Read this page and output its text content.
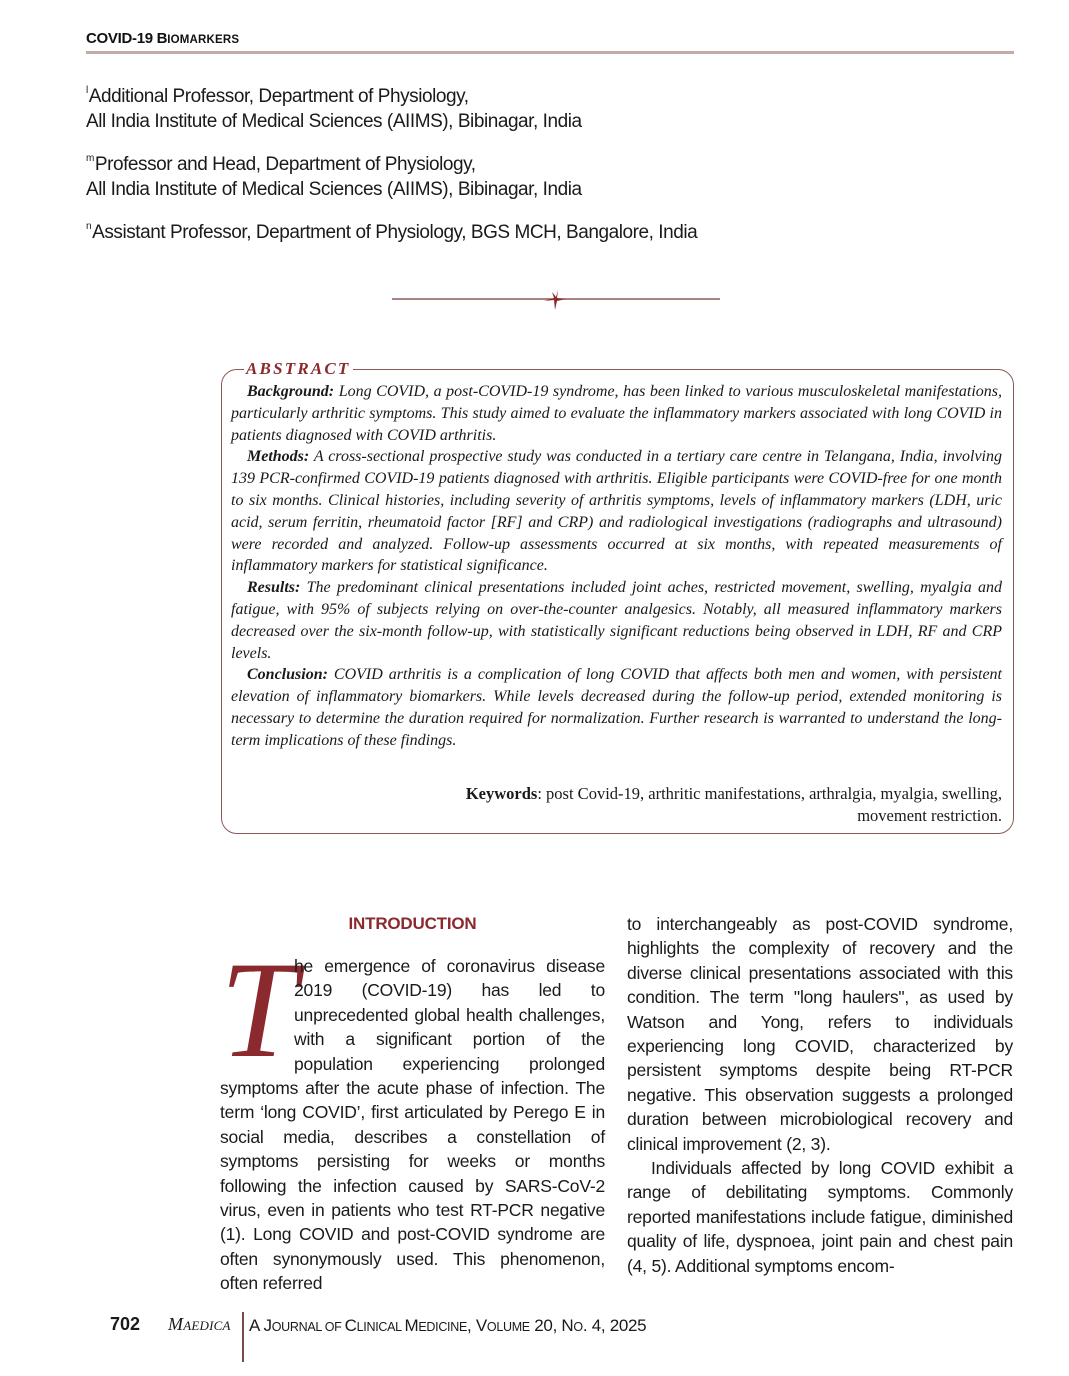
COVID-19 BIOMARKERS
$^l$Additional Professor, Department of Physiology,
All India Institute of Medical Sciences (AIIMS), Bibinagar, India
$^m$Professor and Head, Department of Physiology,
All India Institute of Medical Sciences (AIIMS), Bibinagar, India
$^n$Assistant Professor, Department of Physiology, BGS MCH, Bangalore, India
ABSTRACT

Background: Long COVID, a post-COVID-19 syndrome, has been linked to various musculoskeletal manifestations, particularly arthritic symptoms. This study aimed to evaluate the inflammatory markers associated with long COVID in patients diagnosed with COVID arthritis.

Methods: A cross-sectional prospective study was conducted in a tertiary care centre in Telangana, India, involving 139 PCR-confirmed COVID-19 patients diagnosed with arthritis. Eligible participants were COVID-free for one month to six months. Clinical histories, including severity of arthritis symptoms, levels of inflammatory markers (LDH, uric acid, serum ferritin, rheumatoid factor [RF] and CRP) and radiological investigations (radiographs and ultrasound) were recorded and analyzed. Follow-up assessments occurred at six months, with repeated measurements of inflammatory markers for statistical significance.

Results: The predominant clinical presentations included joint aches, restricted movement, swelling, myalgia and fatigue, with 95% of subjects relying on over-the-counter analgesics. Notably, all measured inflammatory markers decreased over the six-month follow-up, with statistically significant reductions being observed in LDH, RF and CRP levels.

Conclusion: COVID arthritis is a complication of long COVID that affects both men and women, with persistent elevation of inflammatory biomarkers. While levels decreased during the follow-up period, extended monitoring is necessary to determine the duration required for normalization. Further research is warranted to understand the long-term implications of these findings.

Keywords: post Covid-19, arthritic manifestations, arthralgia, myalgia, swelling,
movement restriction.
INTRODUCTION
T
he emergence of coronavirus disease 2019 (COVID-19) has led to unprecedented global health challenges, with a significant portion of the population experiencing prolonged symptoms after the acute phase of infection. The term ‘long COVID’, first articulated by Perego E in social media, describes a constellation of symptoms persisting for weeks or months following the infection caused by SARS-CoV-2 virus, even in patients who test RT-PCR negative (1). Long COVID and post-COVID syndrome are often synonymously used. This phenomenon, often referred

to interchangeably as post-COVID syndrome, highlights the complexity of recovery and the diverse clinical presentations associated with this condition. The term "long haulers", as used by Watson and Yong, refers to individuals experiencing long COVID, characterized by persistent symptoms despite being RT-PCR negative. This observation suggests a prolonged duration between microbiological recovery and clinical improvement (2, 3).

Individuals affected by long COVID exhibit a range of debilitating symptoms. Commonly reported manifestations include fatigue, diminished quality of life, dyspnoea, joint pain and chest pain (4, 5). Additional symptoms encom-

702 MAEDICA A JOURNAL OF CLINICAL MEDICINE, VOLUME 20, NO. 4, 2025
